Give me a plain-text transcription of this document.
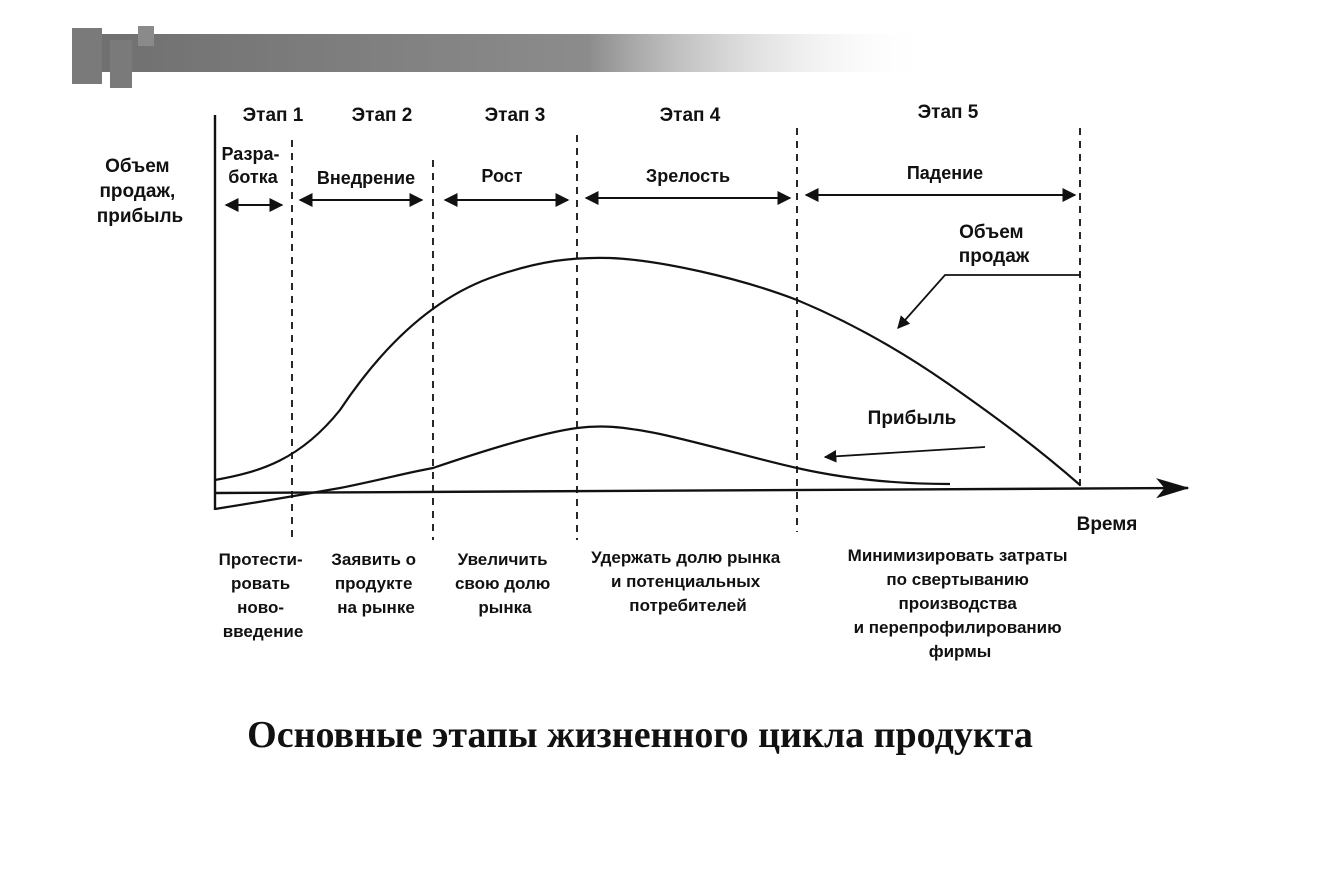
Объем продаж, прибыль
Время
Этап 1	Этап 2	Этап 3	Этап 4	Этап 5
Разра- ботка	Внедрение	Рост	Зрелость	Падение
Объем продаж
Прибыль
Протести- ровать ново- введение
Заявить о продукте на рынке
Увеличить свою долю рынка
Удержать долю рынка и потенциальных потребителей
Минимизировать затраты по свертыванию производства и перепрофилированию фирмы
Основные этапы жизненного цикла продукта
